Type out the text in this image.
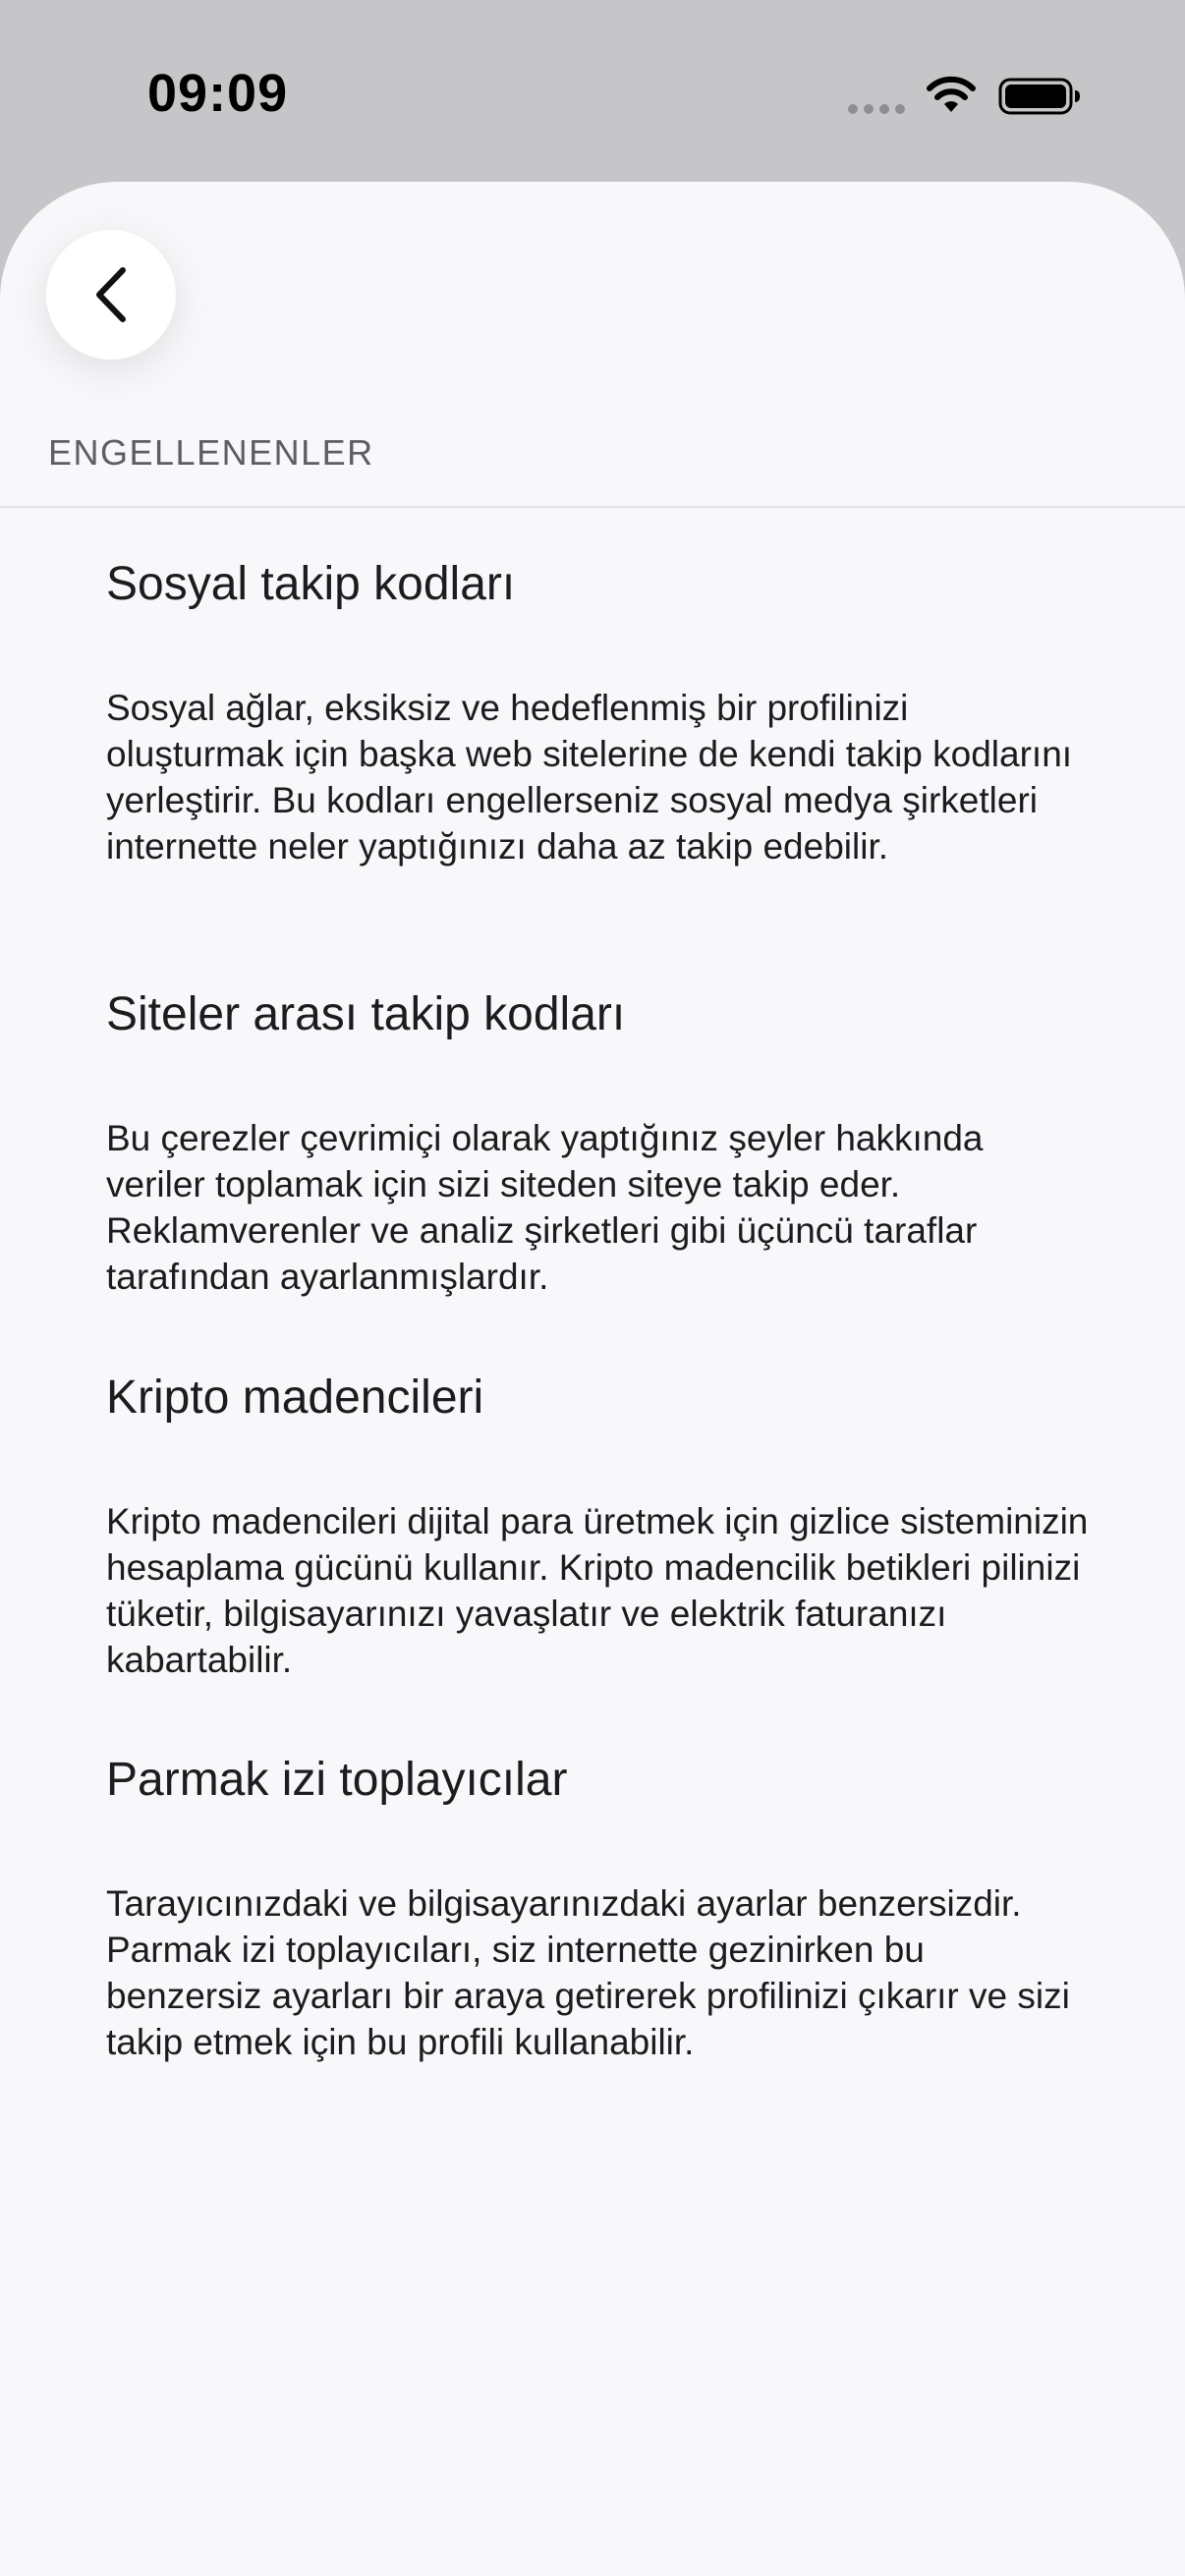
09:09
ENGELLENENLER
Sosyal takip kodları
Sosyal ağlar, eksiksiz ve hedeflenmiş bir profilinizi oluşturmak için başka web sitelerine de kendi takip kodlarını yerleştirir. Bu kodları engellerseniz sosyal medya şirketleri internette neler yaptığınızı daha az takip edebilir.
Siteler arası takip kodları
Bu çerezler çevrimiçi olarak yaptığınız şeyler hakkında veriler toplamak için sizi siteden siteye takip eder. Reklamverenler ve analiz şirketleri gibi üçüncü taraflar tarafından ayarlanmışlardır.
Kripto madencileri
Kripto madencileri dijital para üretmek için gizlice sisteminizin hesaplama gücünü kullanır. Kripto madencilik betikleri pilinizi tüketir, bilgisayarınızı yavaşlatır ve elektrik faturanızı kabartabilir.
Parmak izi toplayıcılar
Tarayıcınızdaki ve bilgisayarınızdaki ayarlar benzersizdir. Parmak izi toplayıcıları, siz internette gezinirken bu benzersiz ayarları bir araya getirerek profilinizi çıkarır ve sizi takip etmek için bu profili kullanabilir.
